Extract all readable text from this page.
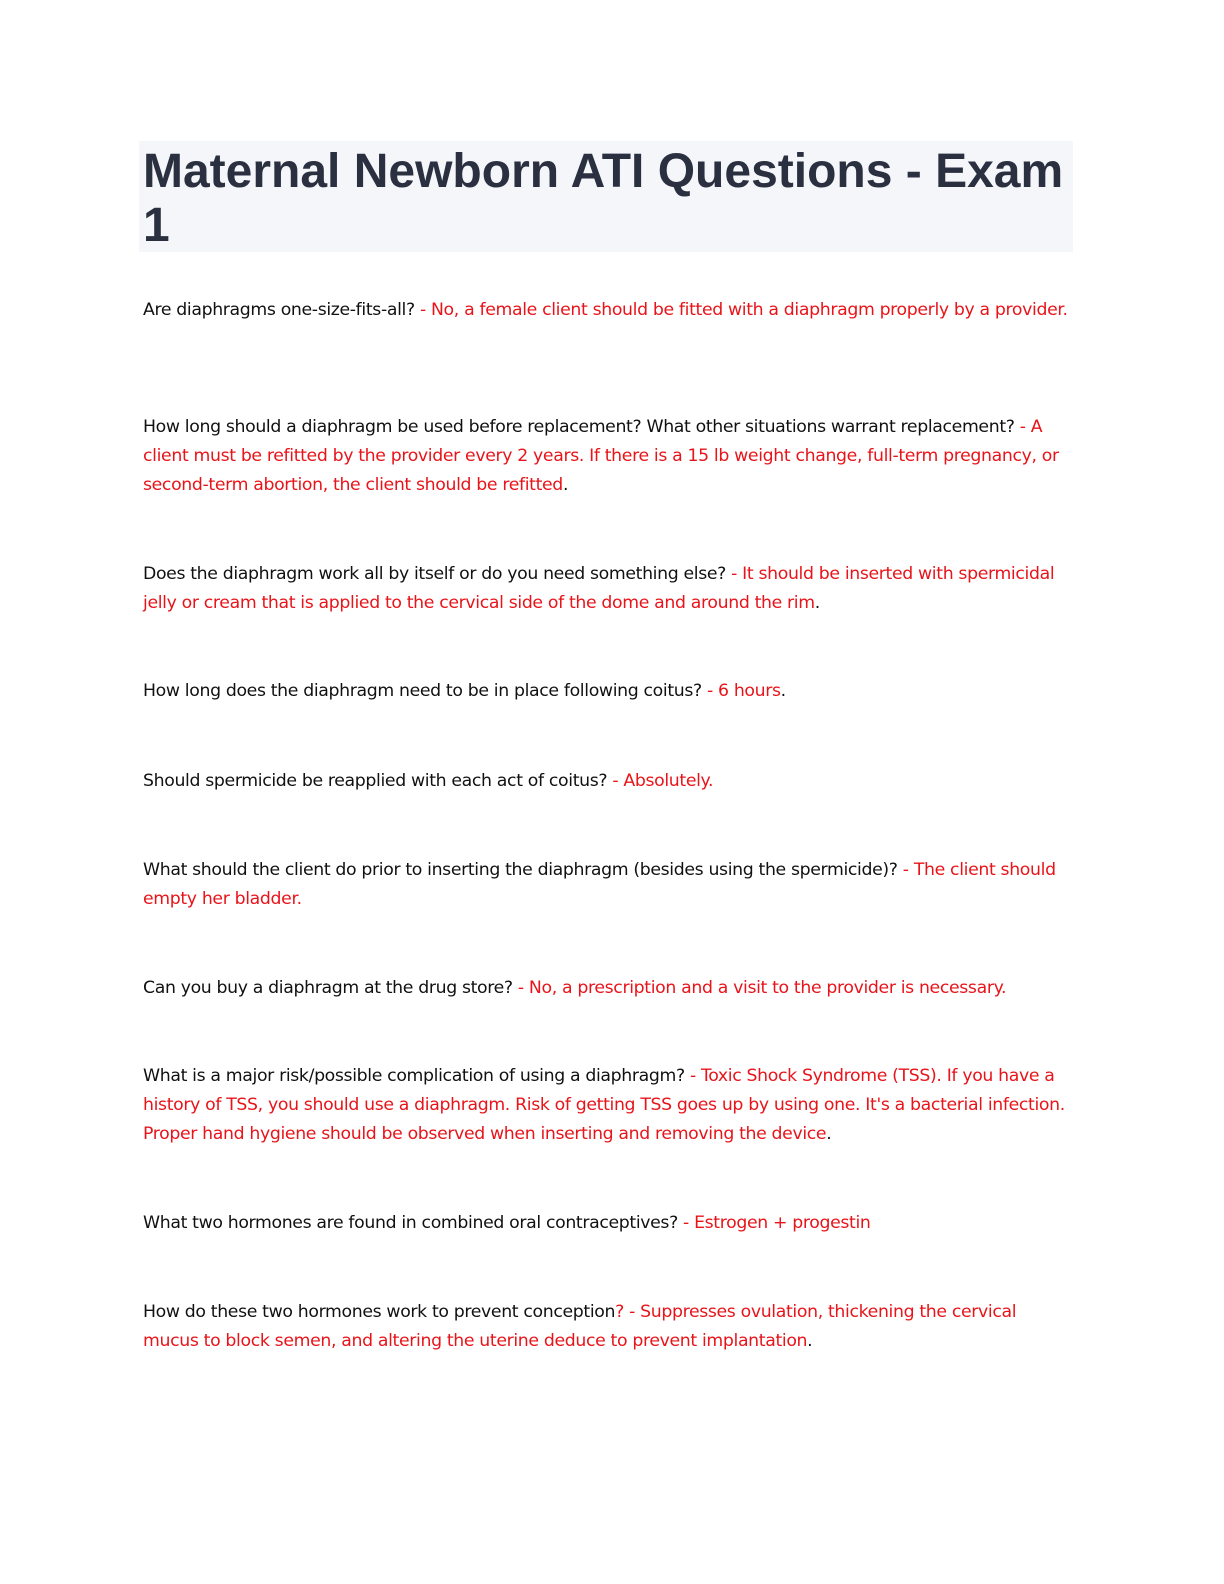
Maternal Newborn ATI Questions - Exam 1

Are diaphragms one-size-fits-all? - No, a female client should be fitted with a diaphragm properly by a provider.

How long should a diaphragm be used before replacement? What other situations warrant replacement? - A client must be refitted by the provider every 2 years. If there is a 15 lb weight change, full-term pregnancy, or second-term abortion, the client should be refitted.

Does the diaphragm work all by itself or do you need something else? - It should be inserted with spermicidal jelly or cream that is applied to the cervical side of the dome and around the rim.

How long does the diaphragm need to be in place following coitus? - 6 hours.

Should spermicide be reapplied with each act of coitus? - Absolutely.

What should the client do prior to inserting the diaphragm (besides using the spermicide)? - The client should empty her bladder.

Can you buy a diaphragm at the drug store? - No, a prescription and a visit to the provider is necessary.

What is a major risk/possible complication of using a diaphragm? - Toxic Shock Syndrome (TSS). If you have a history of TSS, you should use a diaphragm. Risk of getting TSS goes up by using one. It's a bacterial infection. Proper hand hygiene should be observed when inserting and removing the device.

What two hormones are found in combined oral contraceptives? - Estrogen + progestin

How do these two hormones work to prevent conception? - Suppresses ovulation, thickening the cervical mucus to block semen, and altering the uterine deduce to prevent implantation.
